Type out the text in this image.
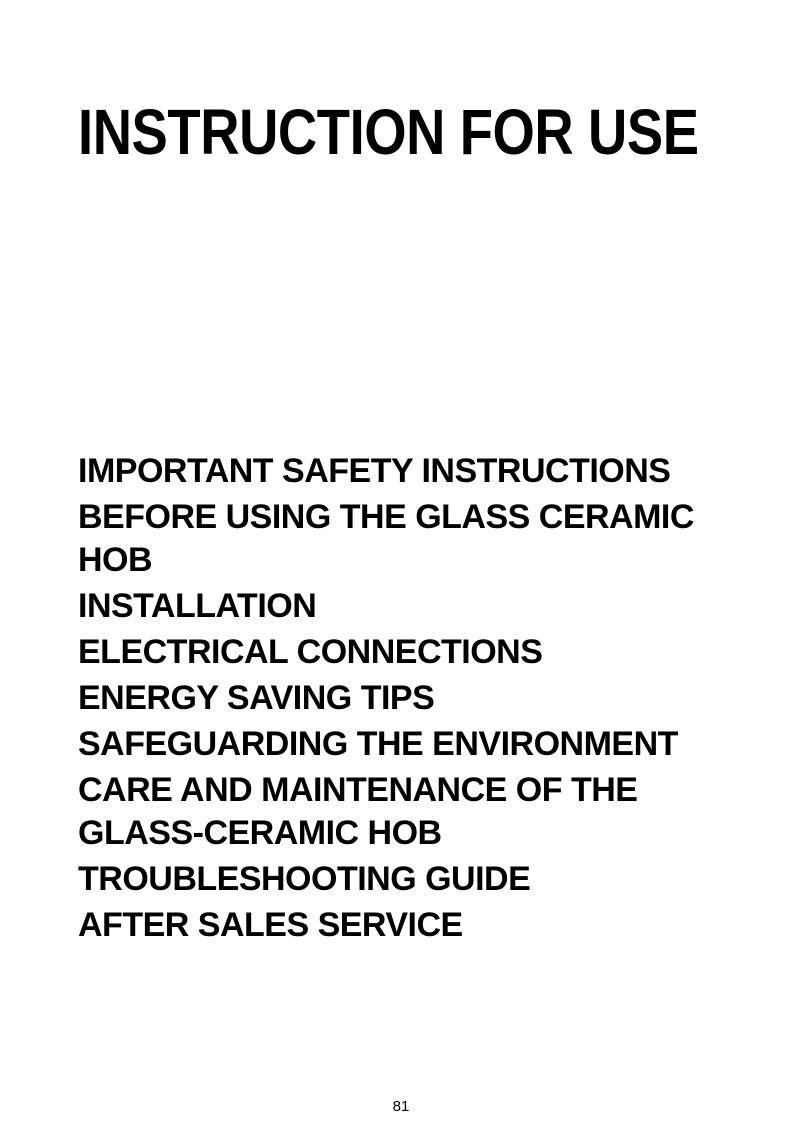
INSTRUCTION FOR USE
IMPORTANT SAFETY INSTRUCTIONS
BEFORE USING THE GLASS CERAMIC HOB
INSTALLATION
ELECTRICAL CONNECTIONS
ENERGY SAVING TIPS
SAFEGUARDING THE ENVIRONMENT
CARE AND MAINTENANCE OF THE GLASS-CERAMIC HOB
TROUBLESHOOTING GUIDE
AFTER SALES SERVICE
81
